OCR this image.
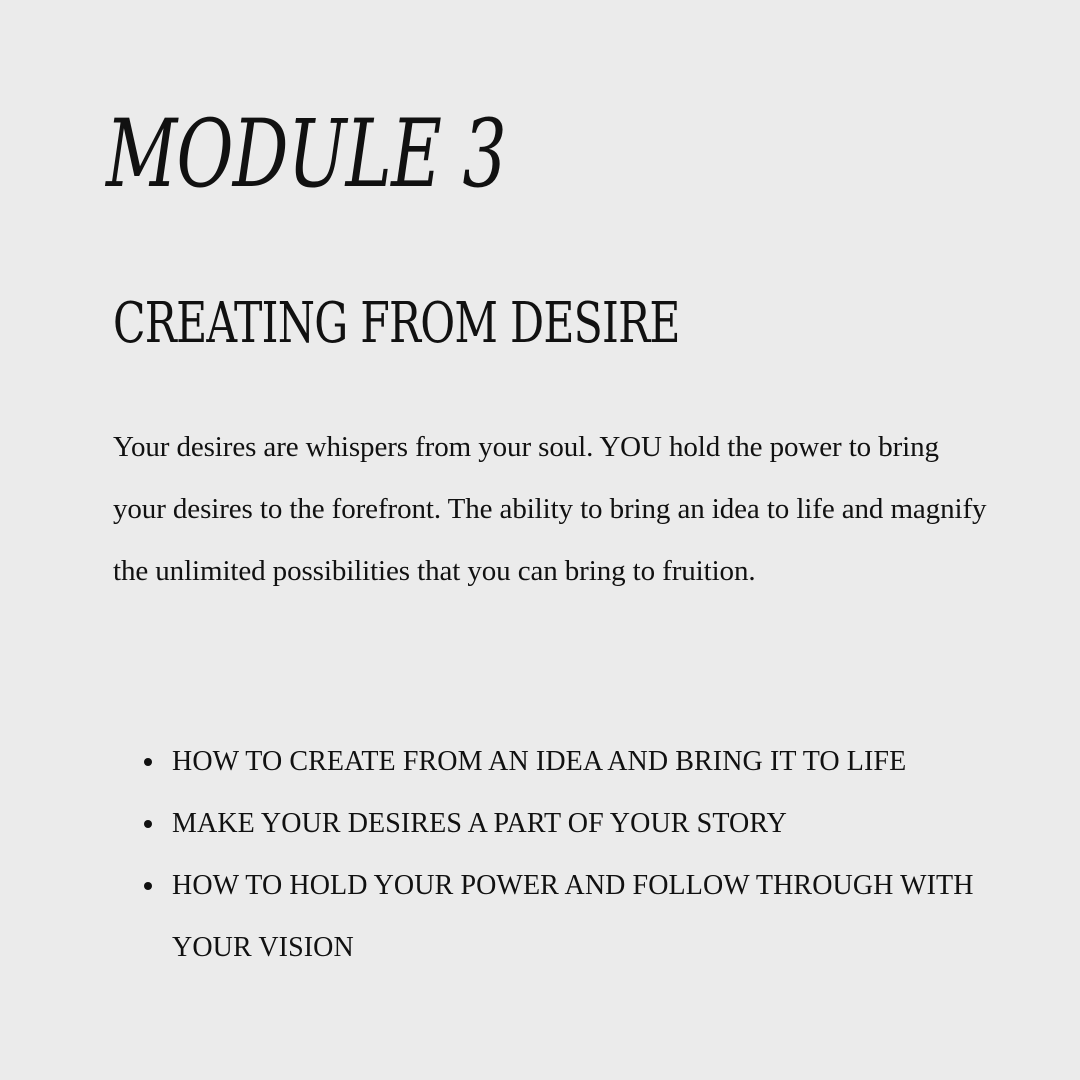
MODULE 3
CREATING FROM DESIRE

Your desires are whispers from your soul. YOU hold the power to bring your desires to the forefront. The ability to bring an idea to life and magnify the unlimited possibilities that you can bring to fruition.

HOW TO CREATE FROM AN IDEA AND BRING IT TO LIFE
MAKE YOUR DESIRES A PART OF YOUR STORY
HOW TO HOLD YOUR POWER AND FOLLOW THROUGH WITH YOUR VISION
